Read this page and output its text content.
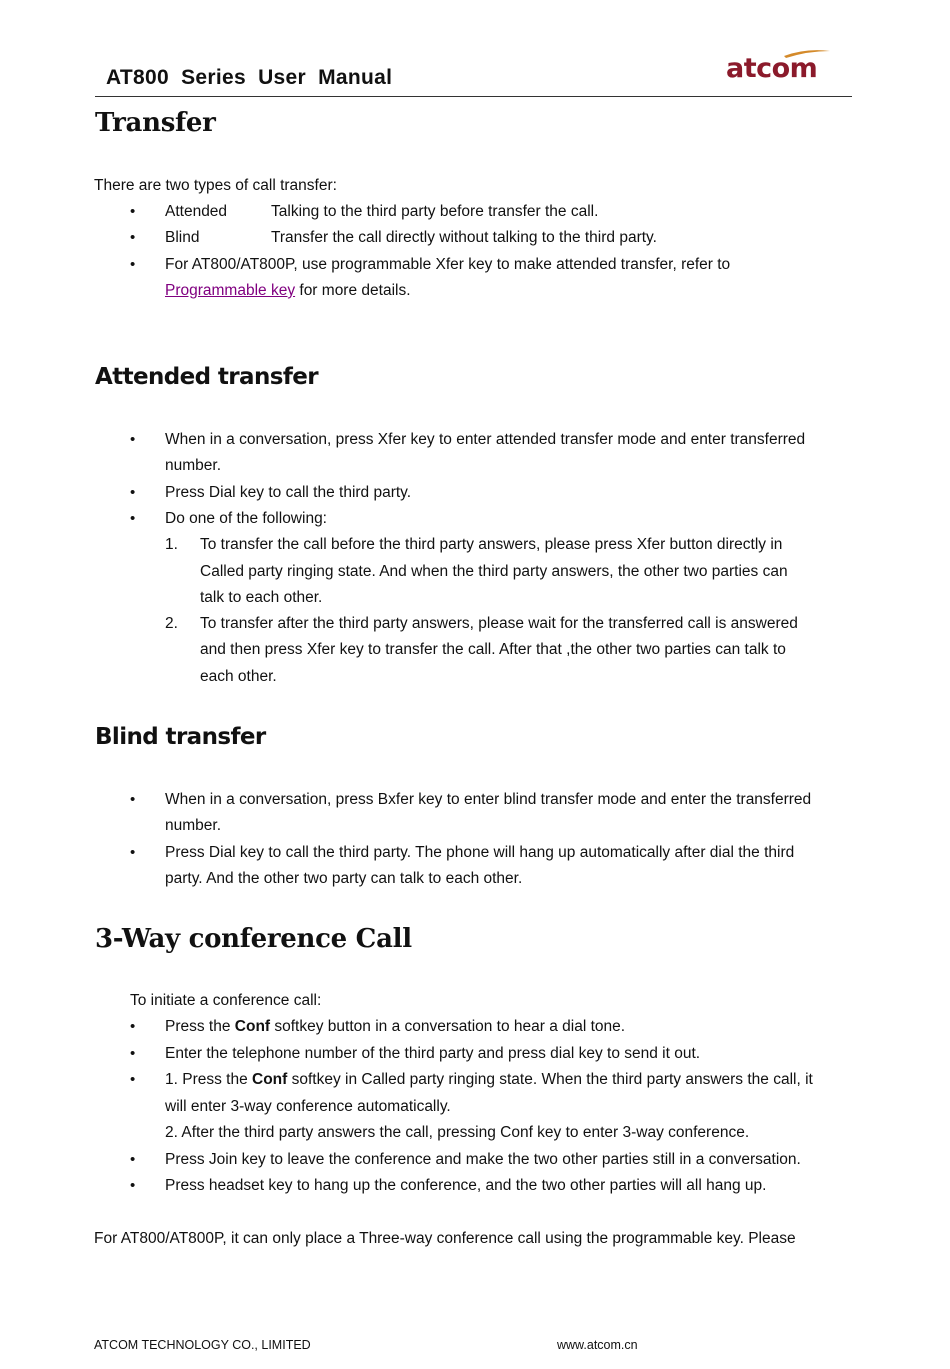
AT800 Series User Manual	atcom
Transfer
There are two types of call transfer:
• Attended	Talking to the third party before transfer the call.
• Blind	Transfer the call directly without talking to the third party.
• For AT800/AT800P, use programmable Xfer key to make attended transfer, refer to
Programmable key for more details.
Attended transfer
• When in a conversation, press Xfer key to enter attended transfer mode and enter transferred
number.
• Press Dial key to call the third party.
• Do one of the following:
1. To transfer the call before the third party answers, please press Xfer button directly in
Called party ringing state. And when the third party answers, the other two parties can
talk to each other.
2. To transfer after the third party answers, please wait for the transferred call is answered
and then press Xfer key to transfer the call. After that ,the other two parties can talk to
each other.
Blind transfer
• When in a conversation, press Bxfer key to enter blind transfer mode and enter the transferred
number.
• Press Dial key to call the third party. The phone will hang up automatically after dial the third
party. And the other two party can talk to each other.
3-Way conference Call
To initiate a conference call:
• Press the Conf softkey button in a conversation to hear a dial tone.
• Enter the telephone number of the third party and press dial key to send it out.
• 1. Press the Conf softkey in Called party ringing state. When the third party answers the call, it
will enter 3-way conference automatically.
2. After the third party answers the call, pressing Conf key to enter 3-way conference.
• Press Join key to leave the conference and make the two other parties still in a conversation.
• Press headset key to hang up the conference, and the two other parties will all hang up.
For AT800/AT800P, it can only place a Three-way conference call using the programmable key. Please
ATCOM TECHNOLOGY CO., LIMITED	www.atcom.cn
